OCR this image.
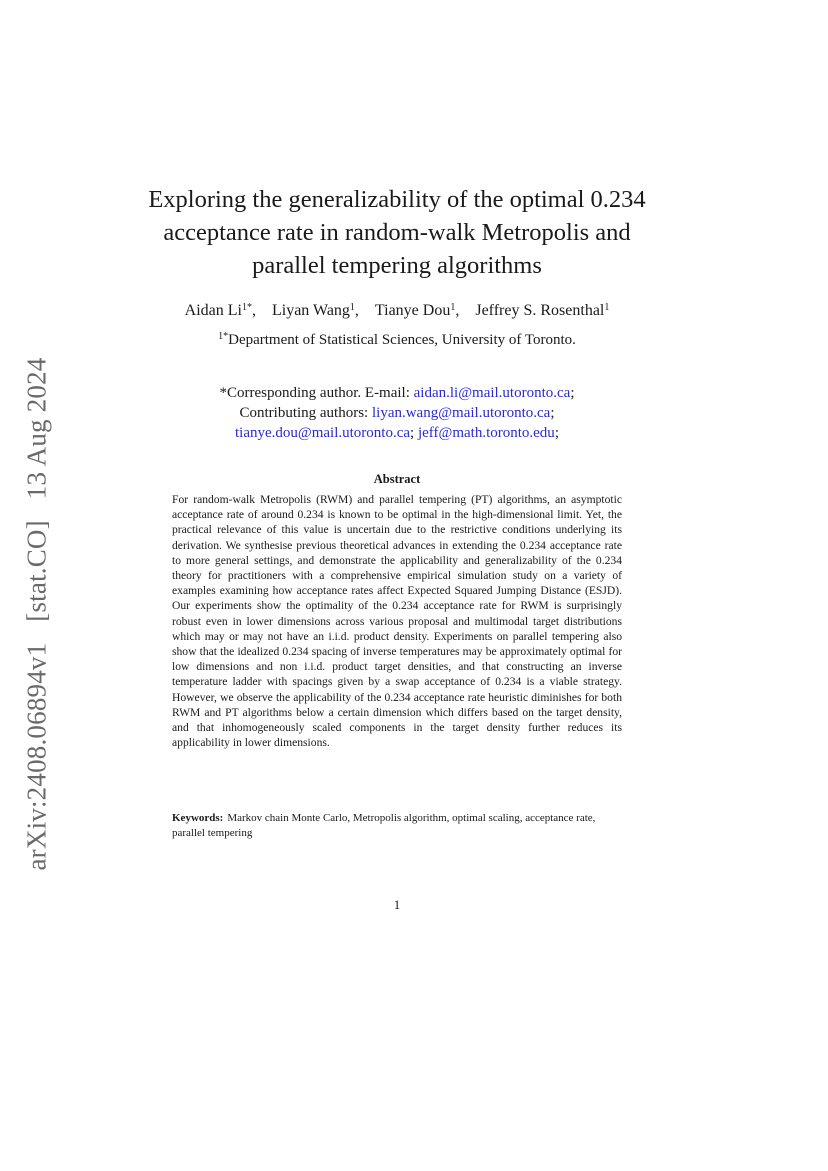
arXiv:2408.06894v1 [stat.CO] 13 Aug 2024
Exploring the generalizability of the optimal 0.234
acceptance rate in random-walk Metropolis and
parallel tempering algorithms
Aidan $Li^{1*}$, Liyan Wang$^1$, Tianye Dou$^1$, Jeffrey S. Rosenthal$^1$
$^{1*}$Department of Statistical Sciences, University of Toronto.
*Corresponding author. E-mail: aidan.li@mail.utoronto.ca;
Contributing authors: liyan.wang@mail.utoronto.ca;
tianye.dou@mail.utoronto.ca; jeff@math.toronto.edu;
Abstract

For random-walk Metropolis (RWM) and parallel tempering (PT) algorithms, an asymptotic acceptance rate of around 0.234 is known to be optimal in the high-dimensional limit. Yet, the practical relevance of this value is uncertain due to the restrictive conditions underlying its derivation. We synthesise previous theoretical advances in extending the 0.234 acceptance rate to more general settings, and demonstrate the applicability and generalizability of the 0.234 theory for practitioners with a comprehensive empirical simulation study on a variety of examples examining how acceptance rates affect Expected Squared Jumping Distance (ESJD). Our experiments show the optimality of the 0.234 acceptance rate for RWM is surprisingly robust even in lower dimensions across various proposal and multimodal target distributions which may or may not have an i.i.d. product density. Experiments on parallel tempering also show that the idealized 0.234 spacing of inverse temperatures may be approximately optimal for low dimensions and non i.i.d. product target densities, and that constructing an inverse temperature ladder with spacings given by a swap acceptance of 0.234 is a viable strategy. However, we observe the applicability of the 0.234 acceptance rate heuristic diminishes for both RWM and PT algorithms below a certain dimension which differs based on the target density, and that inhomogeneously scaled components in the target density further reduces its applicability in lower dimensions.

Keywords: Markov chain Monte Carlo, Metropolis algorithm, optimal scaling, acceptance rate, parallel tempering

1
